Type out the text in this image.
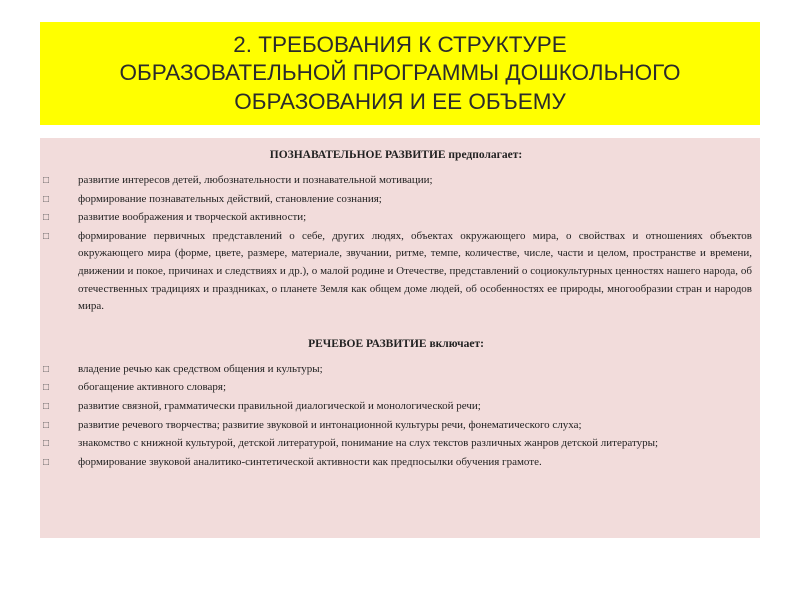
2. ТРЕБОВАНИЯ К СТРУКТУРЕ
ОБРАЗОВАТЕЛЬНОЙ ПРОГРАММЫ ДОШКОЛЬНОГО
ОБРАЗОВАНИЯ И ЕЕ ОБЪЕМУ
ПОЗНАВАТЕЛЬНОЕ РАЗВИТИЕ предполагает:
□	развитие интересов детей, любознательности и познавательной мотивации;
□	формирование познавательных действий, становление сознания;
□	развитие воображения и творческой активности;
□	формирование первичных представлений о себе, других людях, объектах окружающего мира, о свойствах и отношениях объектов окружающего мира (форме, цвете, размере, материале, звучании, ритме, темпе, количестве, числе, части и целом, пространстве и времени, движении и покое, причинах и следствиях и др.), о малой родине и Отечестве, представлений о социокультурных ценностях нашего народа, об отечественных традициях и праздниках, о планете Земля как общем доме людей, об особенностях ее природы, многообразии стран и народов мира.
РЕЧЕВОЕ РАЗВИТИЕ включает:
□	владение речью как средством общения и культуры;
□	обогащение активного словаря;
□	развитие связной, грамматически правильной диалогической и монологической речи;
□	развитие речевого творчества; развитие звуковой и интонационной культуры речи, фонематического слуха;
□	знакомство с книжной культурой, детской литературой, понимание на слух текстов различных жанров детской литературы;
□	формирование звуковой аналитико-синтетической активности как предпосылки обучения грамоте.
